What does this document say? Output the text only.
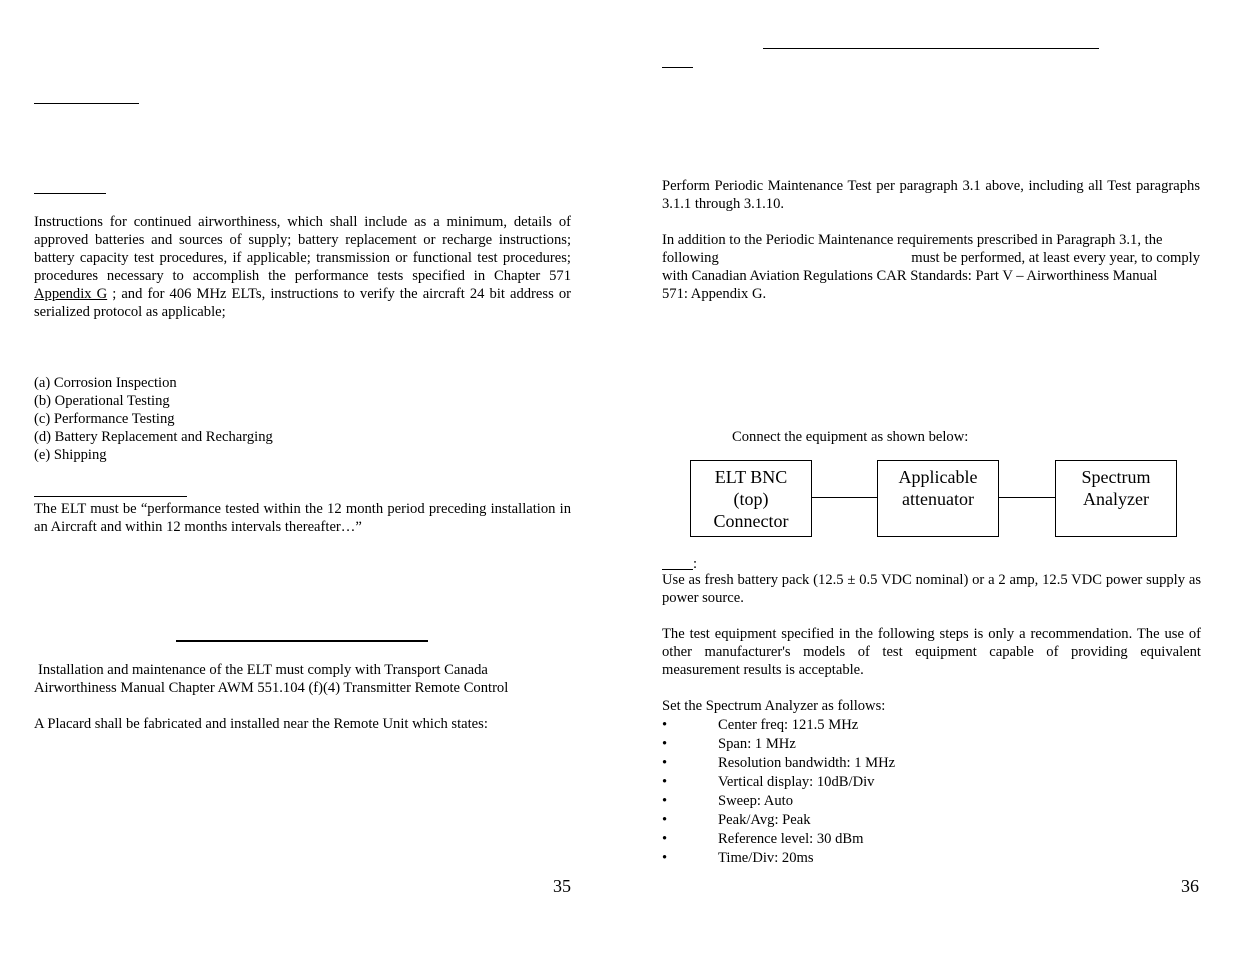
Instructions for continued airworthiness, which shall include as a minimum, details of approved batteries and sources of supply; battery replacement or recharge instructions; battery capacity test procedures, if applicable; transmission or functional test procedures; procedures necessary to accomplish the performance tests specified in Chapter 571 Appendix G ; and for 406 MHz ELTs, instructions to verify the aircraft 24 bit address or serialized protocol as applicable;
(a) Corrosion Inspection
(b) Operational Testing
(c) Performance Testing
(d) Battery Replacement and Recharging
(e) Shipping
The ELT must be “performance tested within the 12 month period preceding installation in an Aircraft and within 12 months intervals thereafter…”
Installation and maintenance of the ELT must comply with Transport Canada
Airworthiness Manual Chapter AWM 551.104 (f)(4) Transmitter Remote Control
A Placard shall be fabricated and installed near the Remote Unit which states:
35
Perform Periodic Maintenance Test per paragraph 3.1 above, including all Test paragraphs 3.1.1 through 3.1.10.
In addition to the Periodic Maintenance requirements prescribed in Paragraph 3.1, the
following	must be performed, at least every year, to comply
with Canadian Aviation Regulations CAR Standards: Part V – Airworthiness Manual
571: Appendix G.
Connect the equipment as shown below:
ELT BNC
(top)
Connector
Applicable
attenuator
Spectrum
Analyzer
:
Use as fresh battery pack (12.5 ± 0.5 VDC nominal) or a 2 amp, 12.5 VDC power supply as power source.
The test equipment specified in the following steps is only a recommendation. The use of other manufacturer's models of test equipment capable of providing equivalent measurement results is acceptable.
Set the Spectrum Analyzer as follows:
•	Center freq: 121.5 MHz
•	Span: 1 MHz
•	Resolution bandwidth: 1 MHz
•	Vertical display: 10dB/Div
•	Sweep: Auto
•	Peak/Avg: Peak
•	Reference level: 30 dBm
•	Time/Div: 20ms
36
